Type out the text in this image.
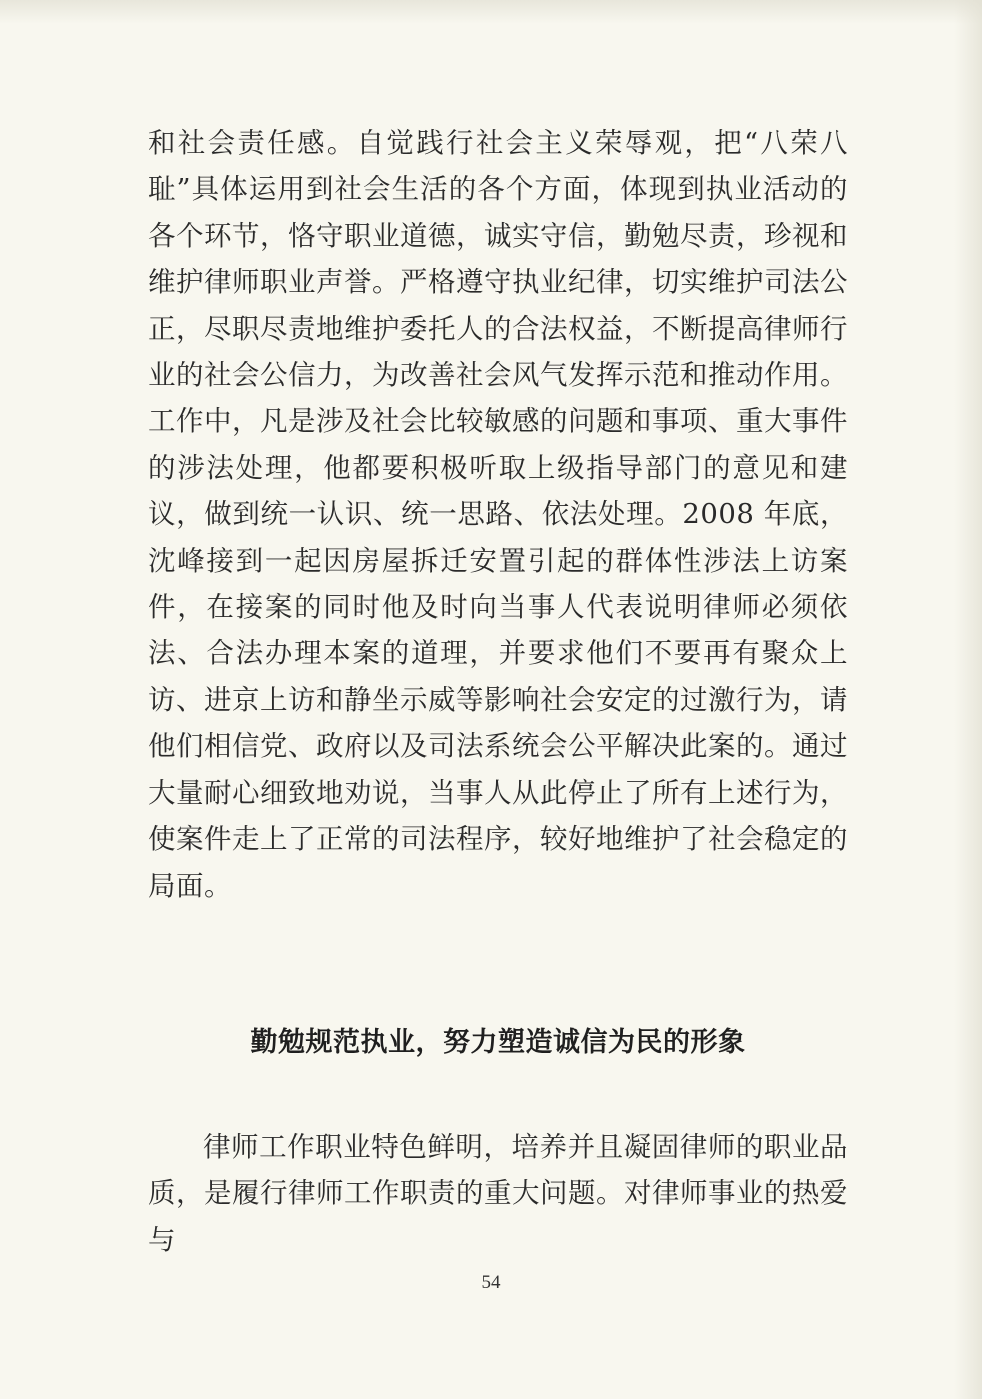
和社会责任感。自觉践行社会主义荣辱观，把“八荣八耻”具体运用到社会生活的各个方面，体现到执业活动的各个环节，恪守职业道德，诚实守信，勤勉尽责，珍视和维护律师职业声誉。严格遵守执业纪律，切实维护司法公正，尽职尽责地维护委托人的合法权益，不断提高律师行业的社会公信力，为改善社会风气发挥示范和推动作用。工作中，凡是涉及社会比较敏感的问题和事项、重大事件的涉法处理，他都要积极听取上级指导部门的意见和建议，做到统一认识、统一思路、依法处理。2008 年底，沈峰接到一起因房屋拆迁安置引起的群体性涉法上访案件，在接案的同时他及时向当事人代表说明律师必须依法、合法办理本案的道理，并要求他们不要再有聚众上访、进京上访和静坐示威等影响社会安定的过激行为，请他们相信党、政府以及司法系统会公平解决此案的。通过大量耐心细致地劝说，当事人从此停止了所有上述行为，使案件走上了正常的司法程序，较好地维护了社会稳定的局面。

勤勉规范执业，努力塑造诚信为民的形象

律师工作职业特色鲜明，培养并且凝固律师的职业品质，是履行律师工作职责的重大问题。对律师事业的热爱与

54
